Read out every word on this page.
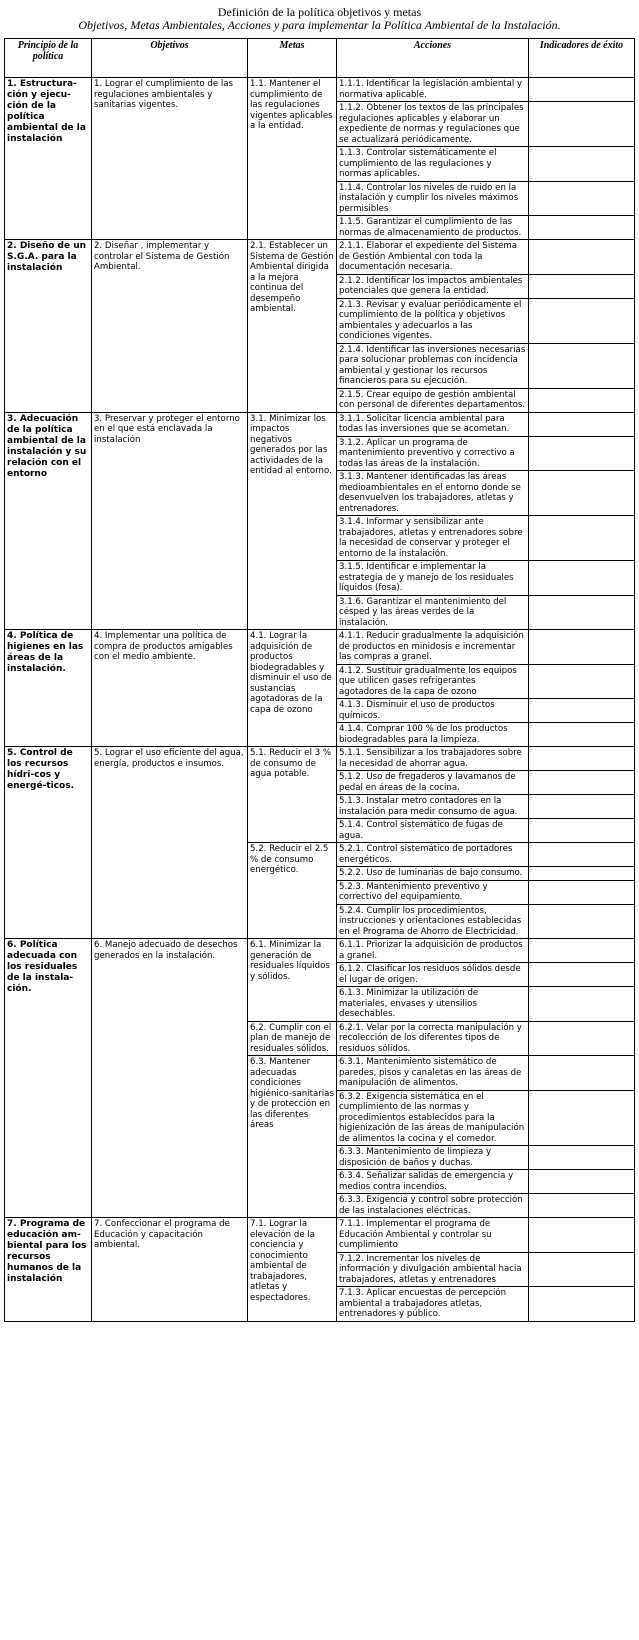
Definición de la política objetivos y metas
Objetivos, Metas Ambientales, Acciones y para implementar la Política Ambiental de la Instalación.
Principio de la política	Objetivos	Metas	Acciones	Indicadores de éxito
1. Estructura-ción y ejecu-ción de la política ambiental de la instalación	1. Lograr el cumplimiento de las regulaciones ambientales y sanitarias vigentes.	1.1. Mantener el cumplimiento de las regulaciones vigentes aplicables a la entidad.	1.1.1. Identificar la legislación ambiental y normativa aplicable.	
			1.1.2. Obtener los textos de las principales regulaciones aplicables y elaborar un expediente de normas y regulaciones que se actualizará periódicamente.	
			1.1.3. Controlar sistemáticamente el cumplimiento de las regulaciones y normas aplicables.	
			1.1.4. Controlar los niveles de ruido en la instalación y cumplir los niveles máximos permisibles	
			1.1.5. Garantizar el cumplimiento de las normas de almacenamiento de productos.	
2. Diseño de un S.G.A. para la instalación	2. Diseñar , implementar y controlar el Sistema de Gestión Ambiental.	2.1. Establecer un Sistema de Gestión Ambiental dirigida a la mejora continua del desempeño ambiental.	2.1.1. Elaborar el expediente del Sistema de Gestión Ambiental con toda la documentación necesaria.	
			2.1.2. Identificar los impactos ambientales potenciales que genera la entidad.	
			2.1.3. Revisar y evaluar periódicamente el cumplimiento de la política y objetivos ambientales y adecuarlos a las condiciones vigentes.	
			2.1.4. Identificar las inversiones necesarias para solucionar problemas con incidencia ambiental y gestionar los recursos financieros para su ejecución.	
			2.1.5. Crear equipo de gestión ambiental con personal de diferentes departamentos.	
3. Adecuación de la política ambiental de la instalación y su relación con el entorno	3. Preservar y proteger el entorno en el que está enclavada la instalación	3.1. Minimizar los impactos negativos generados por las actividades de la entidad al entorno.	3.1.1. Solicitar licencia ambiental para todas las inversiones que se acometan.	
			3.1.2. Aplicar un programa de mantenimiento preventivo y correctivo a todas las áreas de la instalación.	
			3.1.3. Mantener identificadas las áreas medioambientales en el entorno donde se desenvuelven los trabajadores, atletas y entrenadores.	
			3.1.4. Informar y sensibilizar ante trabajadores, atletas y entrenadores sobre la necesidad de conservar y proteger el entorno de la instalación.	
			3.1.5. Identificar e implementar la estrategia de y manejo de los residuales líquidos (fosa).	
			3.1.6. Garantizar el mantenimiento del césped y las áreas verdes de la instalación.	
4. Política de higienes en las áreas de la instalación.	4. Implementar una política de compra de productos amigables con el medio ambiente.	4.1. Lograr la adquisición de productos biodegradables y disminuir el uso de sustancias agotadoras de la capa de ozono	4.1.1. Reducir gradualmente la adquisición de productos en minidosis e incrementar las compras a granel.	
			4.1.2. Sustituir gradualmente los equipos que utilicen gases refrigerantes agotadores de la capa de ozono	
			4.1.3. Disminuir el uso de productos químicos.	
			4.1.4. Comprar 100 % de los productos biodegradables para la limpieza.	
5. Control de los recursos hídri-cos y energé-ticos.	5. Lograr el uso eficiente del agua, energía, productos e insumos.	5.1. Reducir el 3 % de consumo de agua potable.	5.1.1. Sensibilizar a los trabajadores sobre la necesidad de ahorrar agua.	
			5.1.2. Uso de fregaderos y lavamanos de pedal en áreas de la cocina.	
			5.1.3. Instalar metro contadores en la instalación para medir consumo de agua.	
			5.1.4. Control sistemático de fugas de agua.	
		5.2. Reducir el 2.5 % de consumo energético.	5.2.1. Control sistemático de portadores energéticos.	
			5.2.2. Uso de luminarias de bajo consumo.	
			5.2.3. Mantenimiento preventivo y correctivo del equipamiento.	
			5.2.4. Cumplir los procedimientos, instrucciones y orientaciones establecidas en el Programa de Ahorro de Electricidad.	
6. Política adecuada con los residuales de la instala-ción.	6. Manejo adecuado de desechos generados en la instalación.	6.1. Minimizar la generación de residuales líquidos y sólidos.	6.1.1. Priorizar la adquisición de productos a granel.	
			6.1.2. Clasificar los residuos sólidos desde el lugar de origen.	
			6.1.3. Minimizar la utilización de materiales, envases y utensilios desechables.	
		6.2. Cumplir con el plan de manejo de residuales sólidos.	6.2.1. Velar por la correcta manipulación y recolección de los diferentes tipos de residuos sólidos.	
		6.3. Mantener adecuadas condiciones higiénico-sanitarias y de protección en las diferentes áreas	6.3.1. Mantenimiento sistemático de paredes, pisos y canaletas en las áreas de manipulación de alimentos.	
			6.3.2. Exigencia sistemática en el cumplimiento de las normas y procedimientos establecidos para la higienización de las áreas de manipulación de alimentos la cocina y el comedor.	
			6.3.3. Mantenimiento de limpieza y disposición de baños y duchas.	
			6.3.4. Señalizar salidas de emergencia y medios contra incendios.	
			6.3.3. Exigencia y control sobre protección de las instalaciones eléctricas.	
7. Programa de educación am-biental para los recursos humanos de la instalación	7. Confeccionar el programa de Educación y capacitación ambiental.	7.1. Lograr la elevación de la conciencia y conocimiento ambiental de trabajadores, atletas y espectadores.	7.1.1. Implementar el programa de Educación Ambiental y controlar su cumplimiento	
			7.1.2. Incrementar los niveles de información y divulgación ambiental hacia trabajadores, atletas y entrenadores	
			7.1.3. Aplicar encuestas de percepción ambiental a trabajadores atletas, entrenadores y público.	
